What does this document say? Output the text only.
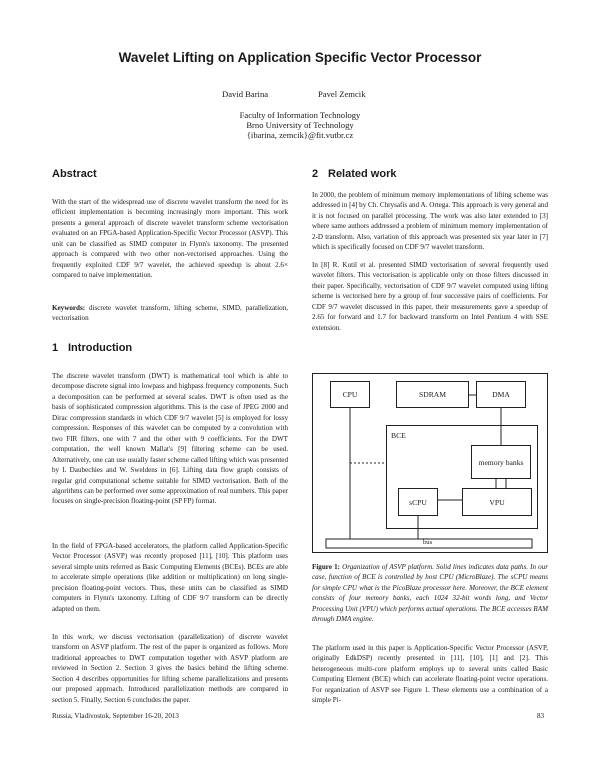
Wavelet Lifting on Application Specific Vector Processor
David Barina	Pavel Zemcik
Faculty of Information Technology
Brno University of Technology
{ibarina, zemcik}@fit.vutbr.cz
Abstract

With the start of the widespread use of discrete wavelet transform the need for its efficient implementation is becoming increasingly more important. This work presents a general approach of discrete wavelet transform scheme vectorisation evaluated on an FPGA-based Application-Specific Vector Processor (ASVP). This unit can be classified as SIMD computer in Flynn's taxonomy. The presented approach is compared with two other non-vectorised approaches. Using the frequently exploited CDF 9/7 wavelet, the achieved speedup is about 2.6× compared to naive implementation.

Keywords: discrete wavelet transform, lifting scheme, SIMD, parallelization, vectorisation

1 Introduction

The discrete wavelet transform (DWT) is mathematical tool which is able to decompose discrete signal into lowpass and highpass frequency components. Such a decomposition can be performed at several scales. DWT is often used as the basis of sophisticated compression algorithms. This is the case of JPEG 2000 and Dirac compression standards in which CDF 9/7 wavelet [5] is employed for lossy compression. Responses of this wavelet can be computed by a convolution with two FIR filters, one with 7 and the other with 9 coefficients. For the DWT computation, the well known Mallat's [9] filtering scheme can be used. Alternatively, one can use usually faster scheme called lifting which was presented by I. Daubechies and W. Sweldens in [6]. Lifting data flow graph consists of regular grid computational scheme suitable for SIMD vectorisation. Both of the algorithms can be performed over some approximation of real numbers. This paper focuses on single-precision floating-point (SP FP) format.

In the field of FPGA-based accelerators, the platform called Application-Specific Vector Processor (ASVP) was recently proposed [11], [10]. This platform uses several simple units referred as Basic Computing Elements (BCEs). BCEs are able to accelerate simple operations (like addition or multiplication) on long single-precision floating-point vectors. Thus, these units can be classified as SIMD computers in Flynn's taxonomy. Lifting of CDF 9/7 transform can be directly adapted on them.

In this work, we discuss vectorisation (parallelization) of discrete wavelet transform on ASVP platform. The rest of the paper is organized as follows. More traditional approaches to DWT computation together with ASVP platform are reviewed in Section 2. Section 3 gives the basics behind the lifting scheme. Section 4 describes opportunities for lifting scheme parallelizations and presents our proposed approach. Introduced parallelization methods are compared in section 5. Finally, Section 6 concludes the paper.

2 Related work

In 2000, the problem of minimum memory implementations of lifting scheme was addressed in [4] by Ch. Chrysafis and A. Ortega. This approach is very general and it is not focused on parallel processing. The work was also later extended to [3] where same authors addressed a problem of minimum memory implementation of 2-D transform. Also, variation of this approach was presented six year later in [7] which is specifically focused on CDF 9/7 wavelet transform.

In [8] R. Kutil et al. presented SIMD vectorisation of several frequently used wavelet filters. This vectorisation is applicable only on those filters discussed in their paper. Specifically, vectorisation of CDF 9/7 wavelet computed using lifting scheme is vectorised here by a group of four successive pairs of coefficients. For CDF 9/7 wavelet discussed in this paper, their measurements gave a speedup of 2.65 for forward and 1.7 for backward transform on Intel Pentium 4 with SSE extension.

CPU	SDRAM	DMA
BCE
memory banks
sCPU	VPU
bus

Figure 1: Organization of ASVP platform. Solid lines indicates data paths. In our case, function of BCE is controlled by host CPU (MicroBlaze). The sCPU means for simple CPU what is the PicoBlaze processor here. Moreover, the BCE element consists of four memory banks, each 1024 32-bit words long, and Vector Processing Unit (VPU) which performs actual operations. The BCE accesses RAM through DMA engine.

The platform used in this paper is Application-Specific Vector Processor (ASVP, originally EdkDSP) recently presented in [11], [10], [1] and [2]. This heterogeneous multi-core platform employs up to several units called Basic Computing Element (BCE) which can accelerate floating-point vector operations. For organization of ASVP see Figure 1. These elements use a combination of a simple Pi-

Russia, Vladivostok, September 16-20, 2013	83
